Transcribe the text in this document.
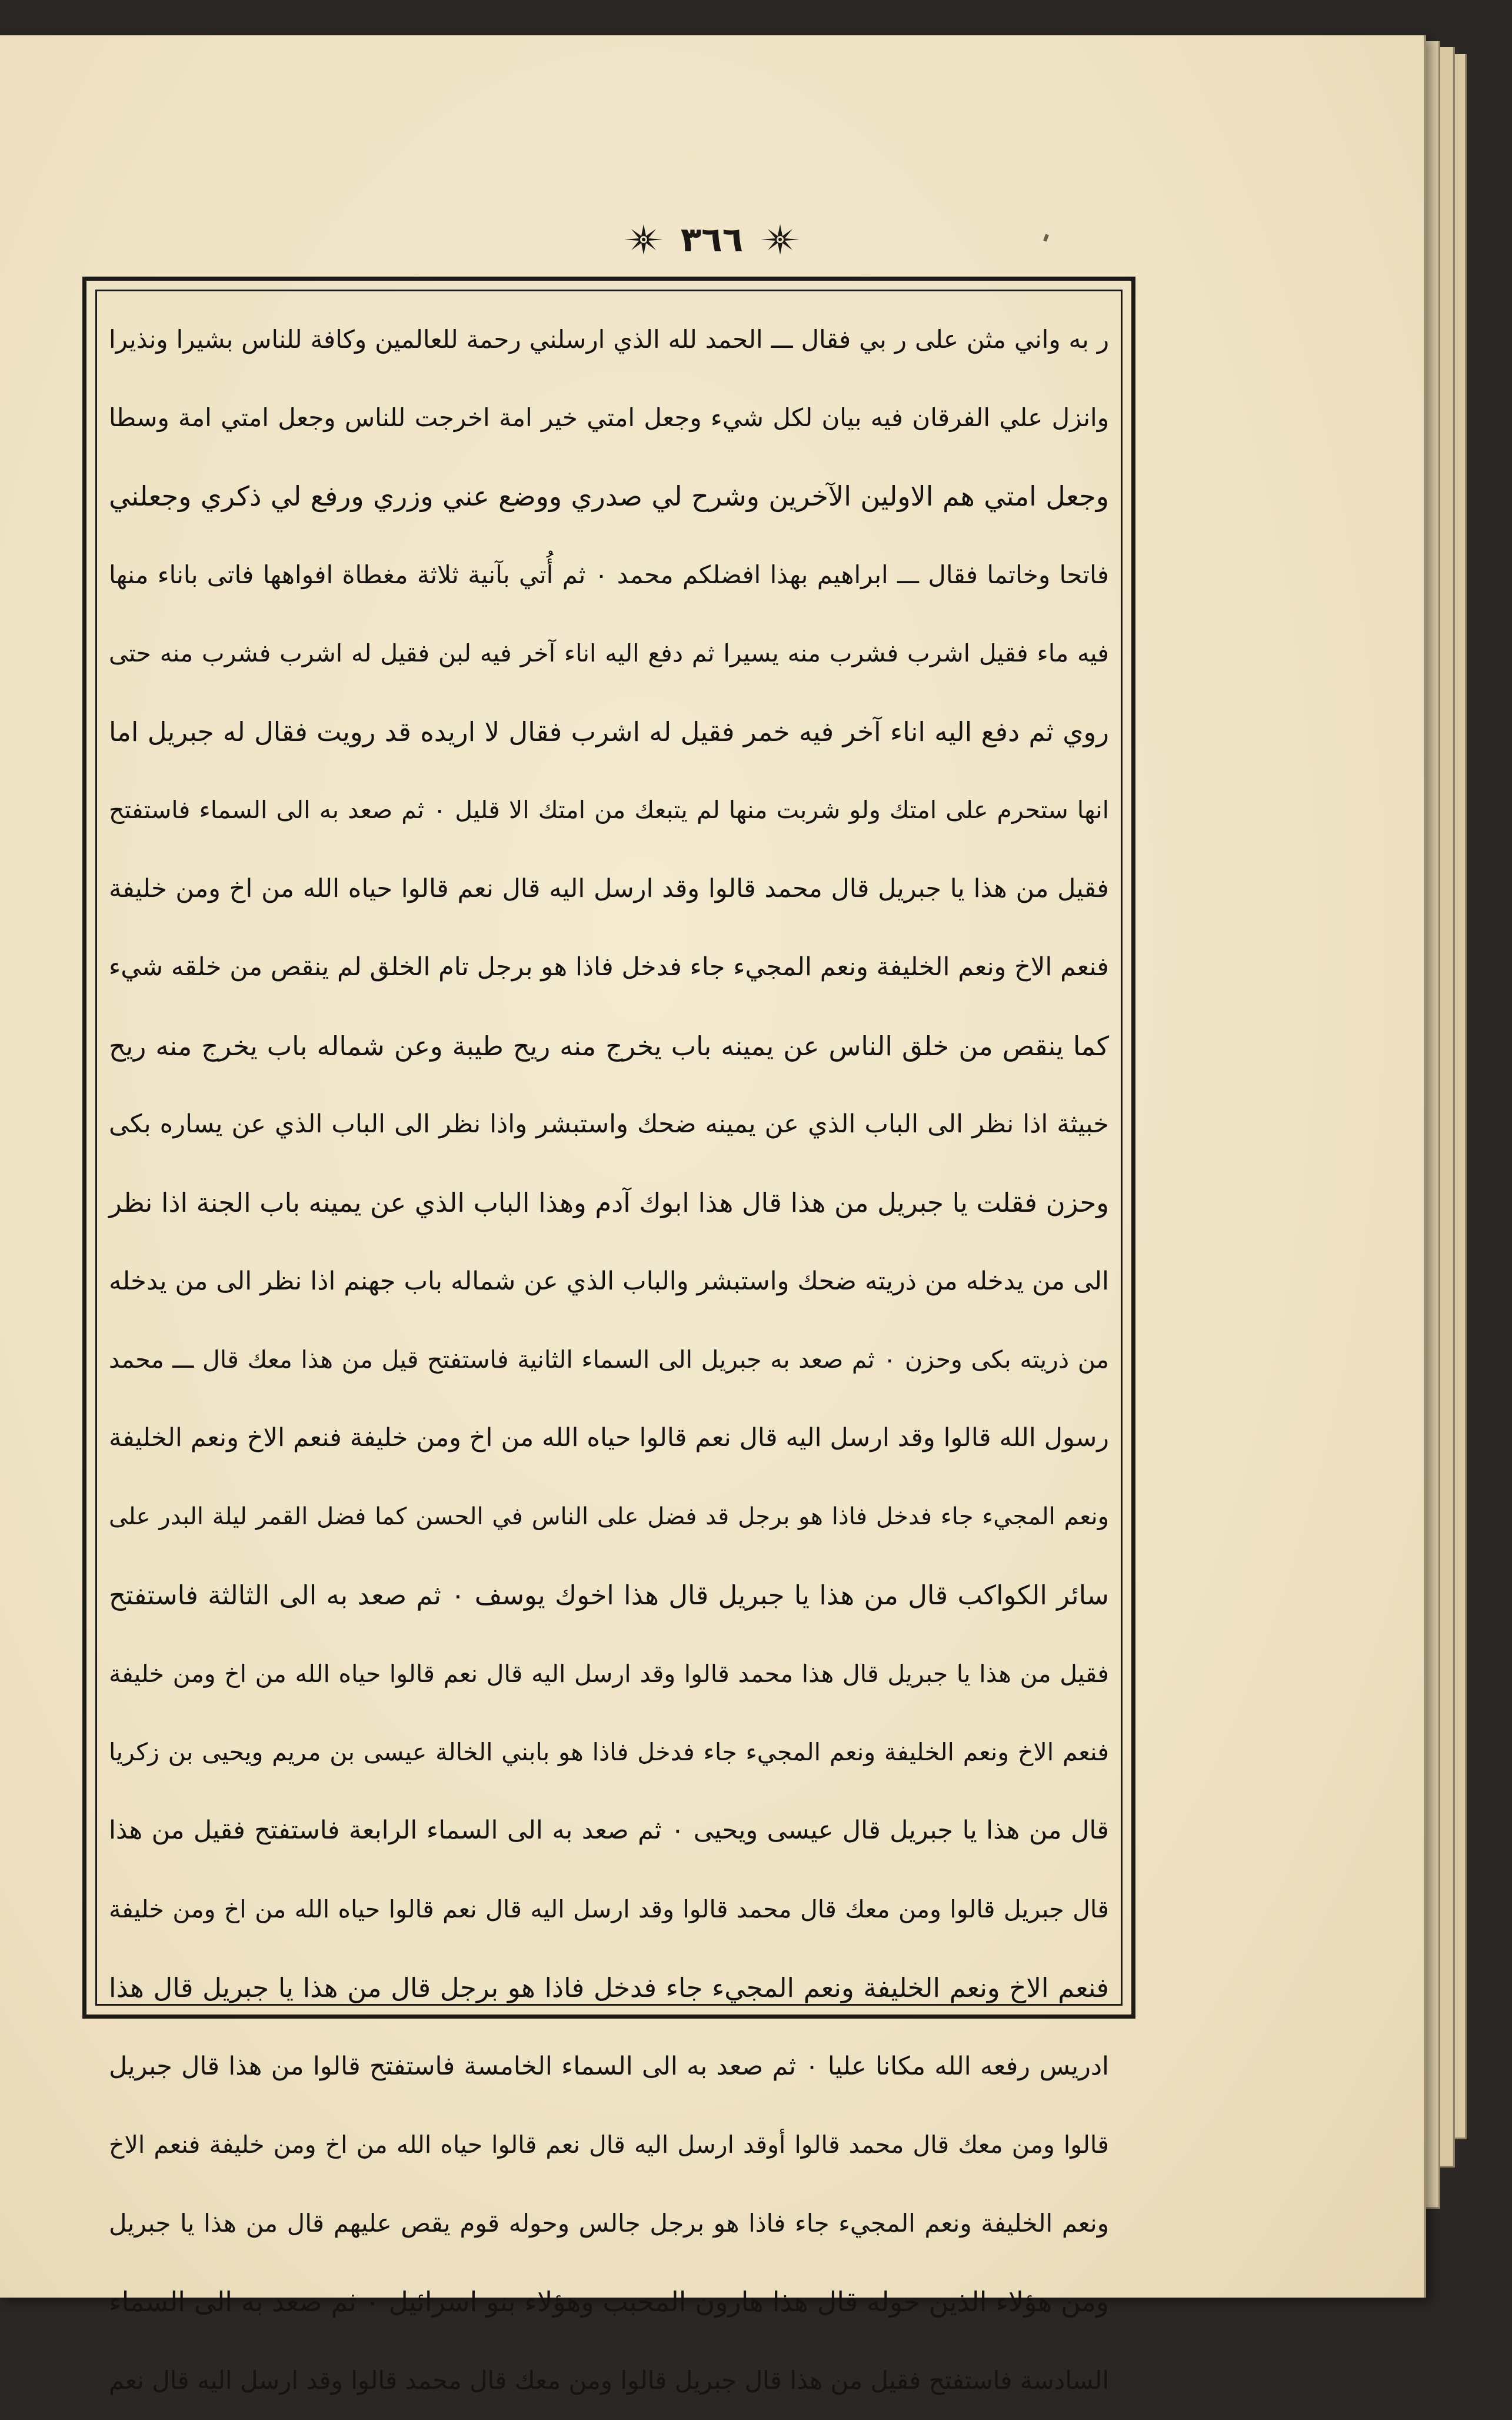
٣٦٦
ر به واني مثن على ر بي فقال ـــ الحمد لله الذي ارسلني رحمة للعالمين وكافة للناس بشيرا ونذيرا
وانزل علي الفرقان فيه بيان لكل شيء وجعل امتي خير امة اخرجت للناس وجعل امتي امة وسطا
وجعل امتي هم الاولين الآخرين وشرح لي صدري ووضع عني وزري ورفع لي ذكري وجعلني
فاتحا وخاتما فقال ـــ ابراهيم بهذا افضلكم محمد ٠ ثم أُتي بآنية ثلاثة مغطاة افواهها فاتى باناء منها
فيه ماء فقيل اشرب فشرب منه يسيرا ثم دفع اليه اناء آخر فيه لبن فقيل له اشرب فشرب منه حتى
روي ثم دفع اليه اناء آخر فيه خمر فقيل له اشرب فقال لا اريده قد رويت فقال له جبريل اما
انها ستحرم على امتك ولو شربت منها لم يتبعك من امتك الا قليل ٠ ثم صعد به الى السماء فاستفتح
فقيل من هذا يا جبريل قال محمد قالوا وقد ارسل اليه قال نعم قالوا حياه الله من اخ ومن خليفة
فنعم الاخ ونعم الخليفة ونعم المجيء جاء فدخل فاذا هو برجل تام الخلق لم ينقص من خلقه شيء
كما ينقص من خلق الناس عن يمينه باب يخرج منه ريح طيبة وعن شماله باب يخرج منه ريح
خبيثة اذا نظر الى الباب الذي عن يمينه ضحك واستبشر واذا نظر الى الباب الذي عن يساره بكى
وحزن فقلت يا جبريل من هذا قال هذا ابوك آدم وهذا الباب الذي عن يمينه باب الجنة اذا نظر
الى من يدخله من ذريته ضحك واستبشر والباب الذي عن شماله باب جهنم اذا نظر الى من يدخله
من ذريته بكى وحزن ٠ ثم صعد به جبريل الى السماء الثانية فاستفتح قيل من هذا معك قال ـــ محمد
رسول الله قالوا وقد ارسل اليه قال نعم قالوا حياه الله من اخ ومن خليفة فنعم الاخ ونعم الخليفة
ونعم المجيء جاء فدخل فاذا هو برجل قد فضل على الناس في الحسن كما فضل القمر ليلة البدر على
سائر الكواكب قال من هذا يا جبريل قال هذا اخوك يوسف ٠ ثم صعد به الى الثالثة فاستفتح
فقيل من هذا يا جبريل قال هذا محمد قالوا وقد ارسل اليه قال نعم قالوا حياه الله من اخ ومن خليفة
فنعم الاخ ونعم الخليفة ونعم المجيء جاء فدخل فاذا هو بابني الخالة عيسى بن مريم ويحيى بن زكريا
قال من هذا يا جبريل قال عيسى ويحيى ٠ ثم صعد به الى السماء الرابعة فاستفتح فقيل من هذا
قال جبريل قالوا ومن معك قال محمد قالوا وقد ارسل اليه قال نعم قالوا حياه الله من اخ ومن خليفة
فنعم الاخ ونعم الخليفة ونعم المجيء جاء فدخل فاذا هو برجل قال من هذا يا جبريل قال هذا
ادريس رفعه الله مكانا عليا ٠ ثم صعد به الى السماء الخامسة فاستفتح قالوا من هذا قال جبريل
قالوا ومن معك قال محمد قالوا أوقد ارسل اليه قال نعم قالوا حياه الله من اخ ومن خليفة فنعم الاخ
ونعم الخليفة ونعم المجيء جاء فاذا هو برجل جالس وحوله قوم يقص عليهم قال من هذا يا جبريل
ومن هؤلاء الذين حوله قال هذا هارون المحبب وهؤلاء بنو اسرائيل ٠ ثم صعد به الى السماء
السادسة فاستفتح فقيل من هذا قال جبريل قالوا ومن معك قال محمد قالوا وقد ارسل اليه قال نعم
